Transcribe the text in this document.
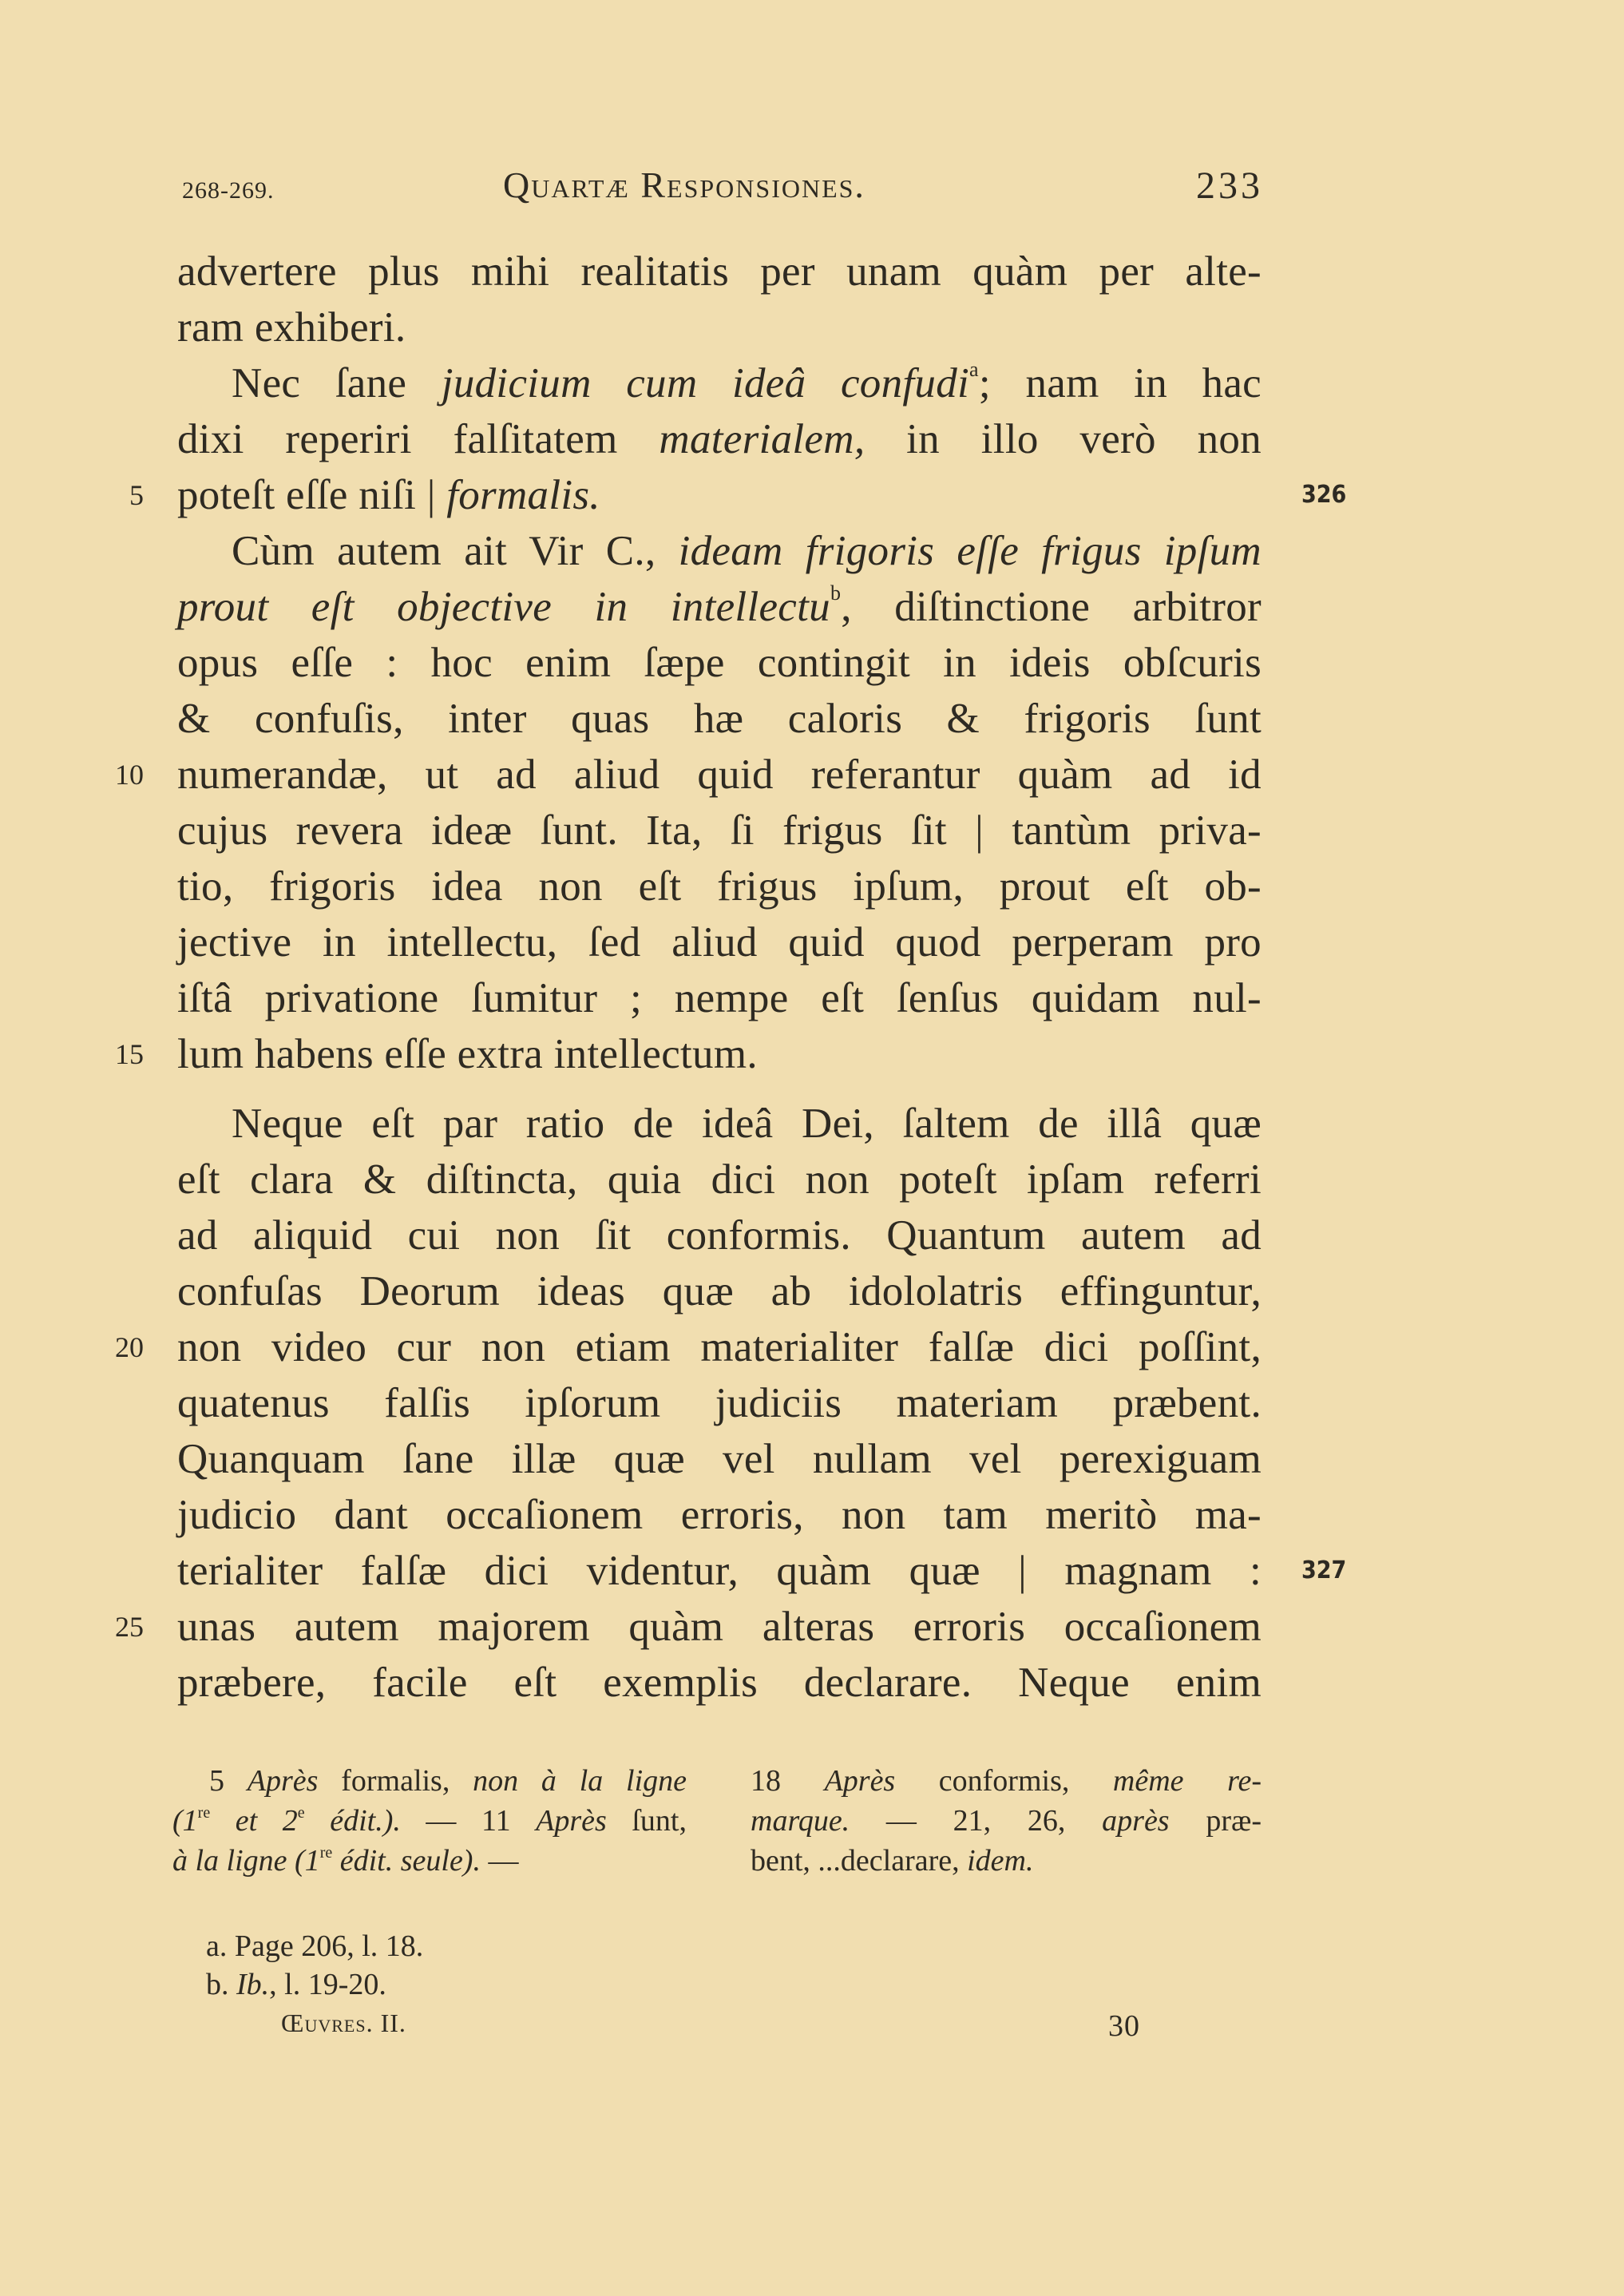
268-269.	Quartæ Responsiones.	233
advertere plus mihi realitatis per unam quàm per alte-
ram exhiberi.
Nec ſane judicium cum ideâ confudi$^a$; nam in hac
dixi reperiri falſitatem materialem, in illo verò non
poteſt eſſe niſi | formalis.
5	326
Cùm autem ait Vir C., ideam frigoris eſſe frigus ipſum
prout eſt objective in intellectu$^b$, diſtinctione arbitror
opus eſſe : hoc enim ſæpe contingit in ideis obſcuris
& confuſis, inter quas hæ caloris & frigoris ſunt
numerandæ, ut ad aliud quid referantur quàm ad id
10
cujus revera ideæ ſunt. Ita, ſi frigus ſit | tantùm priva-
tio, frigoris idea non eſt frigus ipſum, prout eſt ob-
jective in intellectu, ſed aliud quid quod perperam pro
iſtâ privatione ſumitur ; nempe eſt ſenſus quidam nul-
lum habens eſſe extra intellectum.
15
Neque eſt par ratio de ideâ Dei, ſaltem de illâ quæ
eſt clara & diſtincta, quia dici non poteſt ipſam referri
ad aliquid cui non ſit conformis. Quantum autem ad
confuſas Deorum ideas quæ ab idololatris effinguntur,
non video cur non etiam materialiter falſæ dici poſſint,
20
quatenus falſis ipſorum judiciis materiam præbent.
Quanquam ſane illæ quæ vel nullam vel perexiguam
judicio dant occaſionem erroris, non tam meritò ma-
terialiter falſæ dici videntur, quàm quæ | magnam : 327
unas autem majorem quàm alteras erroris occaſionem
25
præbere, facile eſt exemplis declarare. Neque enim
5 Après formalis, non à la ligne
(1re et 2e édit.). — 11 Après ſunt,
à la ligne (1re édit. seule). —
18 Après conformis, même re-
marque. — 21, 26, après præ-
bent, ...declarare, idem.
a. Page 206, l. 18.
b. Ib., l. 19-20.
Œuvres. II.	30
